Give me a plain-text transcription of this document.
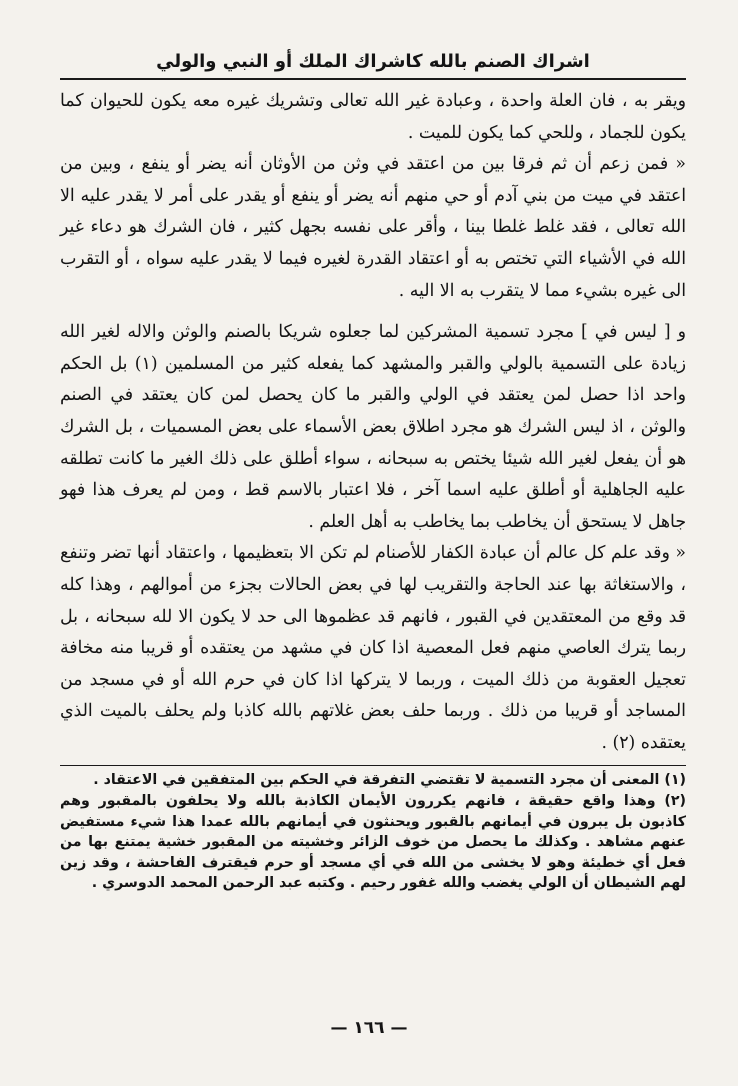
اشراك الصنم بالله كاشراك الملك أو النبي والولي

ويقر به ، فان العلة واحدة ، وعبادة غير الله تعالى وتشريك غيره معه يكون للحيوان كما يكون للجماد ، وللحي كما يكون للميت .

« فمن زعم أن ثم فرقا بين من اعتقد في وثن من الأوثان أنه يضر أو ينفع ، وبين من اعتقد في ميت من بني آدم أو حي منهم أنه يضر أو ينفع أو يقدر على أمر لا يقدر عليه الا الله تعالى ، فقد غلط غلطا بينا ، وأقر على نفسه بجهل كثير ، فان الشرك هو دعاء غير الله في الأشياء التي تختص به أو اعتقاد القدرة لغيره فيما لا يقدر عليه سواه ، أو التقرب الى غيره بشيء مما لا يتقرب به الا اليه .

و [ ليس في ] مجرد تسمية المشركين لما جعلوه شريكا بالصنم والوثن والاله لغير الله زيادة على التسمية بالولي والقبر والمشهد كما يفعله كثير من المسلمين (١) بل الحكم واحد اذا حصل لمن يعتقد في الولي والقبر ما كان يحصل لمن كان يعتقد في الصنم والوثن ، اذ ليس الشرك هو مجرد اطلاق بعض الأسماء على بعض المسميات ، بل الشرك هو أن يفعل لغير الله شيئا يختص به سبحانه ، سواء أطلق على ذلك الغير ما كانت تطلقه عليه الجاهلية أو أطلق عليه اسما آخر ، فلا اعتبار بالاسم قط ، ومن لم يعرف هذا فهو جاهل لا يستحق أن يخاطب بما يخاطب به أهل العلم .

« وقد علم كل عالم أن عبادة الكفار للأصنام لم تكن الا بتعظيمها ، واعتقاد أنها تضر وتنفع ، والاستغاثة بها عند الحاجة والتقريب لها في بعض الحالات بجزء من أموالهم ، وهذا كله قد وقع من المعتقدين في القبور ، فانهم قد عظموها الى حد لا يكون الا لله سبحانه ، بل ربما يترك العاصي منهم فعل المعصية اذا كان في مشهد من يعتقده أو قريبا منه مخافة تعجيل العقوبة من ذلك الميت ، وربما لا يتركها اذا كان في حرم الله أو في مسجد من المساجد أو قريبا من ذلك . وربما حلف بعض غلاتهم بالله كاذبا ولم يحلف بالميت الذي يعتقده (٢) .

(١) المعنى أن مجرد التسمية لا تقتضي التفرقة في الحكم بين المتفقين في الاعتقاد .

(٢) وهذا واقع حقيقة ، فانهم يكررون الأيمان الكاذبة بالله ولا يحلفون بالمقبور وهم كاذبون بل يبرون في أيمانهم بالقبور ويحنثون في أيمانهم بالله عمدا هذا شيء مستفيض عنهم مشاهد . وكذلك ما يحصل من خوف الزائر وخشيته من المقبور خشية يمتنع بها من فعل أي خطيئة وهو لا يخشى من الله في أي مسجد أو حرم فيقترف الفاحشة ، وقد زين لهم الشيطان أن الولي يغضب والله غفور رحيم . وكتبه عبد الرحمن المحمد الدوسري .

— ١٦٦ —
